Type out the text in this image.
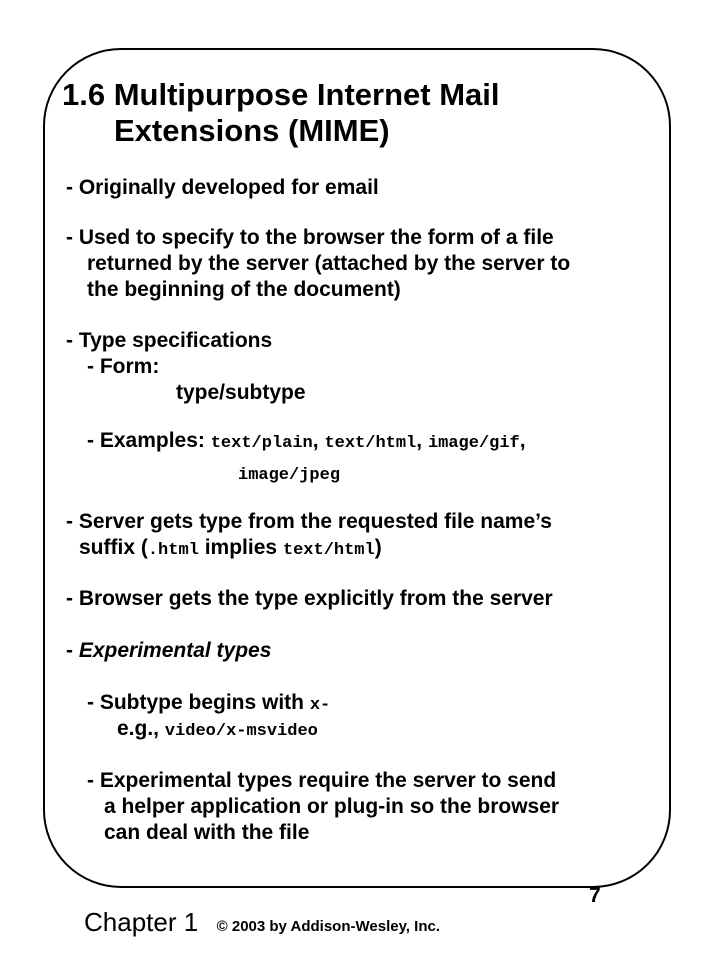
1.6 Multipurpose Internet Mail
Extensions (MIME)

- Originally developed for email

- Used to specify to the browser the form of a file

returned by the server (attached by the server to

the beginning of the document)

- Type specifications

- Form:

type/subtype

- Examples: text/plain, text/html, image/gif,

image/jpeg

- Server gets type from the requested file name’s

suffix (.html implies text/html)

- Browser gets the type explicitly from the server

- Experimental types

- Subtype begins with x-

e.g., video/x-msvideo

- Experimental types require the server to send

a helper application or plug-in so the browser

can deal with the file

Chapter 1 © 2003 by Addison-Wesley, Inc.
7
